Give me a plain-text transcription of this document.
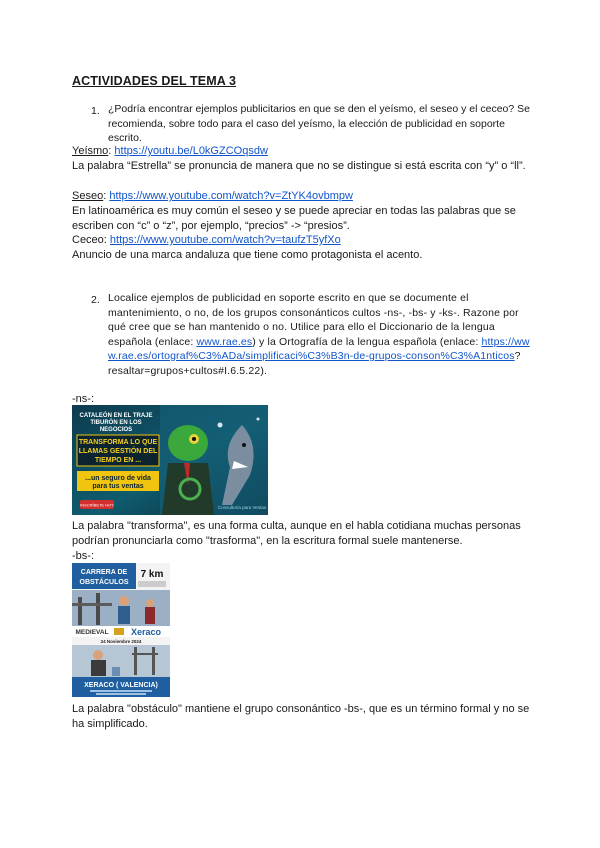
ACTIVIDADES DEL TEMA 3
1. ¿Podría encontrar ejemplos publicitarios en que se den el yeísmo, el seseo y el ceceo? Se recomienda, sobre todo para el caso del yeísmo, la elección de publicidad en soporte escrito.

Yeísmo: https://youtu.be/L0kGZCOqsdw

La palabra “Estrella” se pronuncia de manera que no se distingue si está escrita con “y” o “ll”.

Seseo: https://www.youtube.com/watch?v=ZtYK4ovbmpw

En latinoamérica es muy común el seseo y se puede apreciar en todas las palabras que se escriben con “c” o “z”, por ejemplo, “precios” -> “presios”.

Ceceo: https://www.youtube.com/watch?v=taufzT5yfXo

Anuncio de una marca andaluza que tiene como protagonista el acento.

2. Localice ejemplos de publicidad en soporte escrito en que se documente el mantenimiento, o no, de los grupos consonánticos cultos -ns-, -bs- y -ks-. Razone por qué cree que se han mantenido o no. Utilice para ello el Diccionario de la lengua española (enlace: www.rae.es) y la Ortografía de la lengua española (enlace: https://www.rae.es/ortograf%C3%ADa/simplificaci%C3%B3n-de-grupos-conson%C3%A1nticos? resaltar=grupos+cultos#I.6.5.22).

-ns-:

CATALEÓN EN EL TRAJE
TIBURÓN EN LOS
NEGOCIOS
TRANSFORMA LO QUE
LLAMAS GESTIÓN DEL
TIEMPO EN ...
...un seguro de vida
para tus ventas
INSCRÍBETE HOY	Consultoría para Ventas

La palabra "transforma", es una forma culta, aunque en el habla cotidiana muchas personas podrían pronunciarla como "trasforma", en la escritura formal suele mantenerse.

-bs-:

CARRERA DE
OBSTÁCULOS
7 km
MEDIEVAL Xeraco
24 Noviembre 2024
XERACO ( VALENCIA)

La palabra "obstáculo" mantiene el grupo consonántico -bs-, que es un término formal y no se ha simplificado.
